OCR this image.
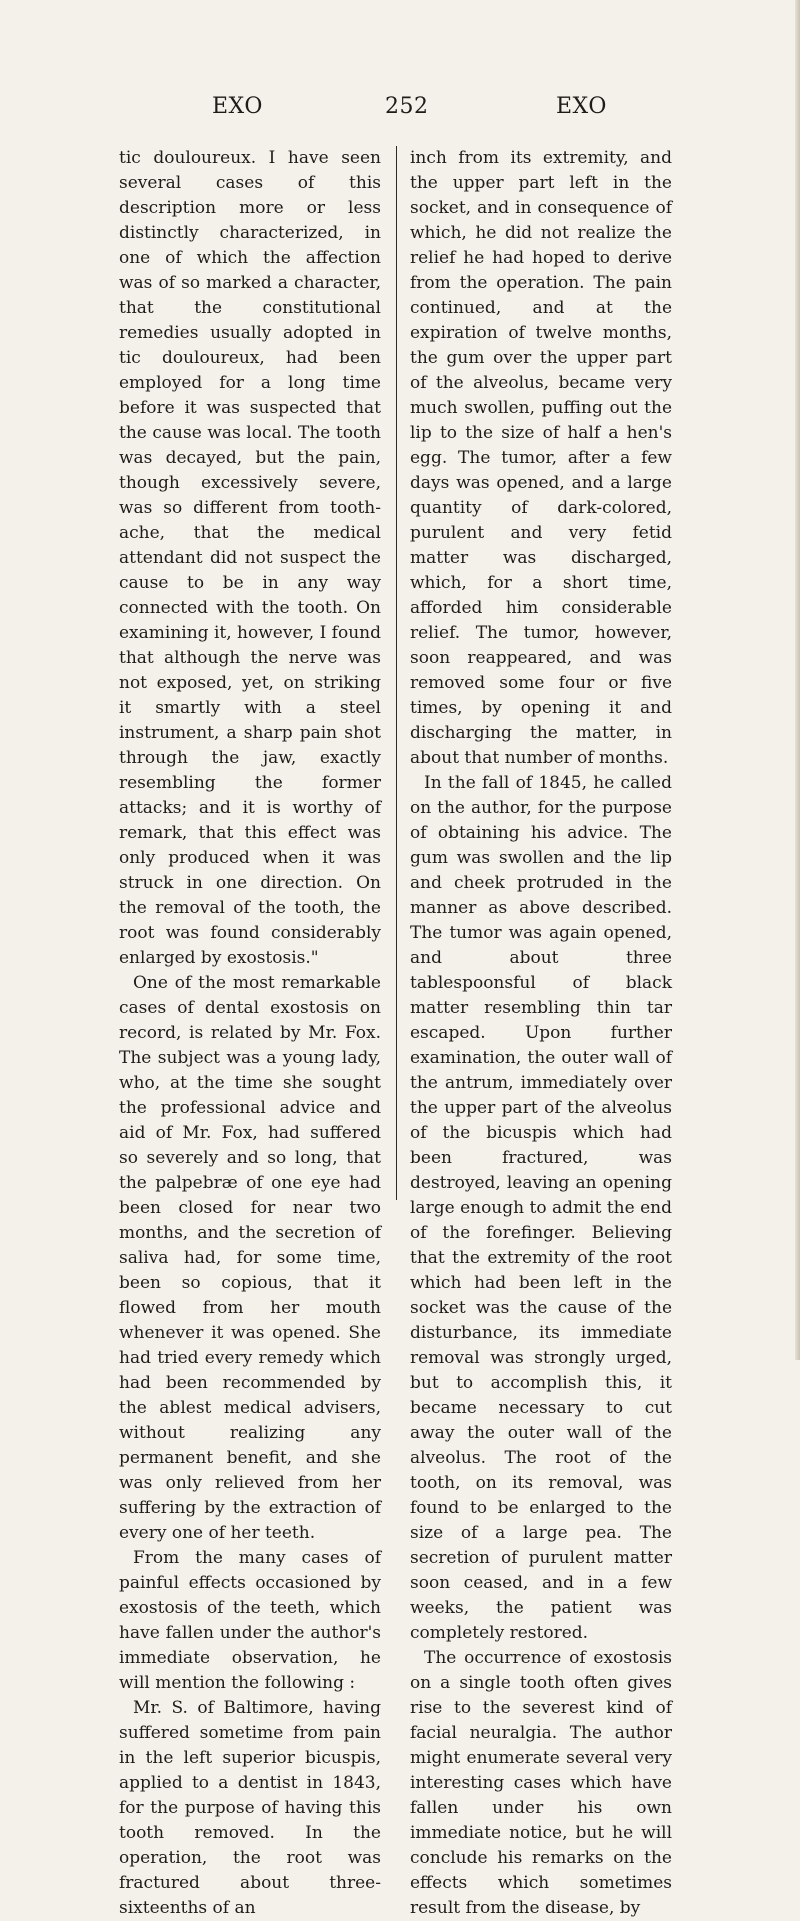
EXO	252	EXO

tic douloureux. I have seen several cases of this description more or less distinctly characterized, in one of which the affection was of so marked a character, that the constitutional remedies usually adopted in tic douloureux, had been employed for a long time before it was suspected that the cause was local. The tooth was decayed, but the pain, though excessively severe, was so different from tooth-ache, that the medical attendant did not suspect the cause to be in any way connected with the tooth. On examining it, however, I found that although the nerve was not exposed, yet, on striking it smartly with a steel instrument, a sharp pain shot through the jaw, exactly resembling the former attacks; and it is worthy of remark, that this effect was only produced when it was struck in one direction. On the removal of the tooth, the root was found considerably enlarged by exostosis."

One of the most remarkable cases of dental exostosis on record, is related by Mr. Fox. The subject was a young lady, who, at the time she sought the professional advice and aid of Mr. Fox, had suffered so severely and so long, that the palpebræ of one eye had been closed for near two months, and the secretion of saliva had, for some time, been so copious, that it flowed from her mouth whenever it was opened. She had tried every remedy which had been recommended by the ablest medical advisers, without realizing any permanent benefit, and she was only relieved from her suffering by the extraction of every one of her teeth.

From the many cases of painful effects occasioned by exostosis of the teeth, which have fallen under the author's immediate observation, he will mention the following :

Mr. S. of Baltimore, having suffered sometime from pain in the left superior bicuspis, applied to a dentist in 1843, for the purpose of having this tooth removed. In the operation, the root was fractured about three-sixteenths of an

inch from its extremity, and the upper part left in the socket, and in consequence of which, he did not realize the relief he had hoped to derive from the operation. The pain continued, and at the expiration of twelve months, the gum over the upper part of the alveolus, became very much swollen, puffing out the lip to the size of half a hen's egg. The tumor, after a few days was opened, and a large quantity of dark-colored, purulent and very fetid matter was discharged, which, for a short time, afforded him considerable relief. The tumor, however, soon reappeared, and was removed some four or five times, by opening it and discharging the matter, in about that number of months.

In the fall of 1845, he called on the author, for the purpose of obtaining his advice. The gum was swollen and the lip and cheek protruded in the manner as above described. The tumor was again opened, and about three tablespoonsful of black matter resembling thin tar escaped. Upon further examination, the outer wall of the antrum, immediately over the upper part of the alveolus of the bicuspis which had been fractured, was destroyed, leaving an opening large enough to admit the end of the forefinger. Believing that the extremity of the root which had been left in the socket was the cause of the disturbance, its immediate removal was strongly urged, but to accomplish this, it became necessary to cut away the outer wall of the alveolus. The root of the tooth, on its removal, was found to be enlarged to the size of a large pea. The secretion of purulent matter soon ceased, and in a few weeks, the patient was completely restored.

The occurrence of exostosis on a single tooth often gives rise to the severest kind of facial neuralgia. The author might enumerate several very interesting cases which have fallen under his own immediate notice, but he will conclude his remarks on the effects which sometimes result from the disease, by
